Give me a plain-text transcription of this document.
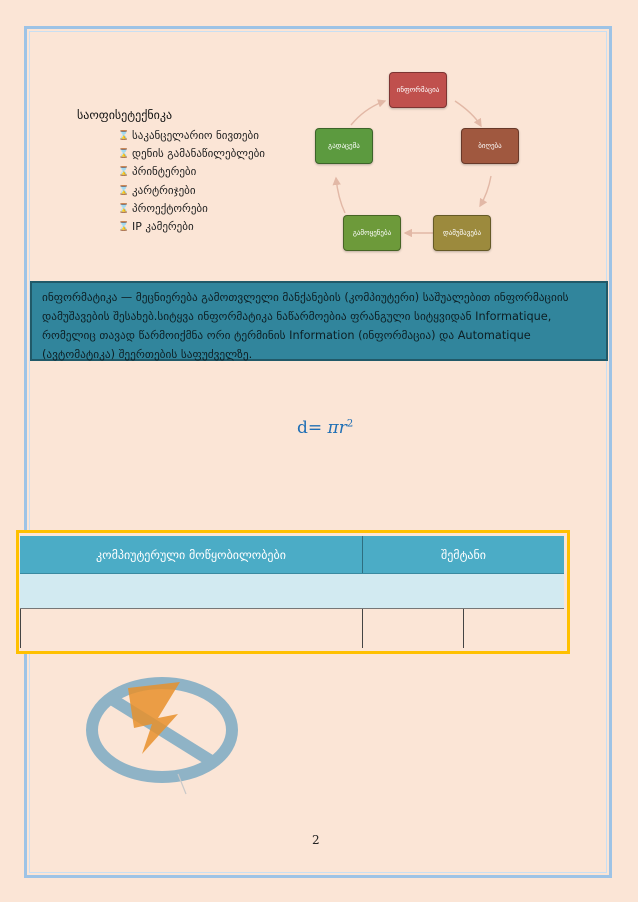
საოფისეტექნიკა
⌛ საკანცელარიო ნივთები
⌛ დენის გამანაწილებლები
⌛ პრინტერები
⌛ კარტრიჯები
⌛ პროექტორები
⌛ IP კამერები
ინფორმაცია
ბიღება
დამუშავება
გამოყენება
გადაცემა
ინფორმატიკა — მეცნიერება გამოთვლელი მანქანების (კომპიუტერი) საშუალებით ინფორმაციის დამუშავების შესახებ.სიტყვა ინფორმატიკა ნაწარმოებია ფრანგული სიტყვიდან Informatique, რომელიც თავად წარმოიქმნა ორი ტერმინის Information (ინფორმაცია) და Automatique (ავტომატიკა) შეერთების საფუძველზე.
$d= \pi r^2$
კომპიუტერული მოწყობილობები	შემტანი
2
